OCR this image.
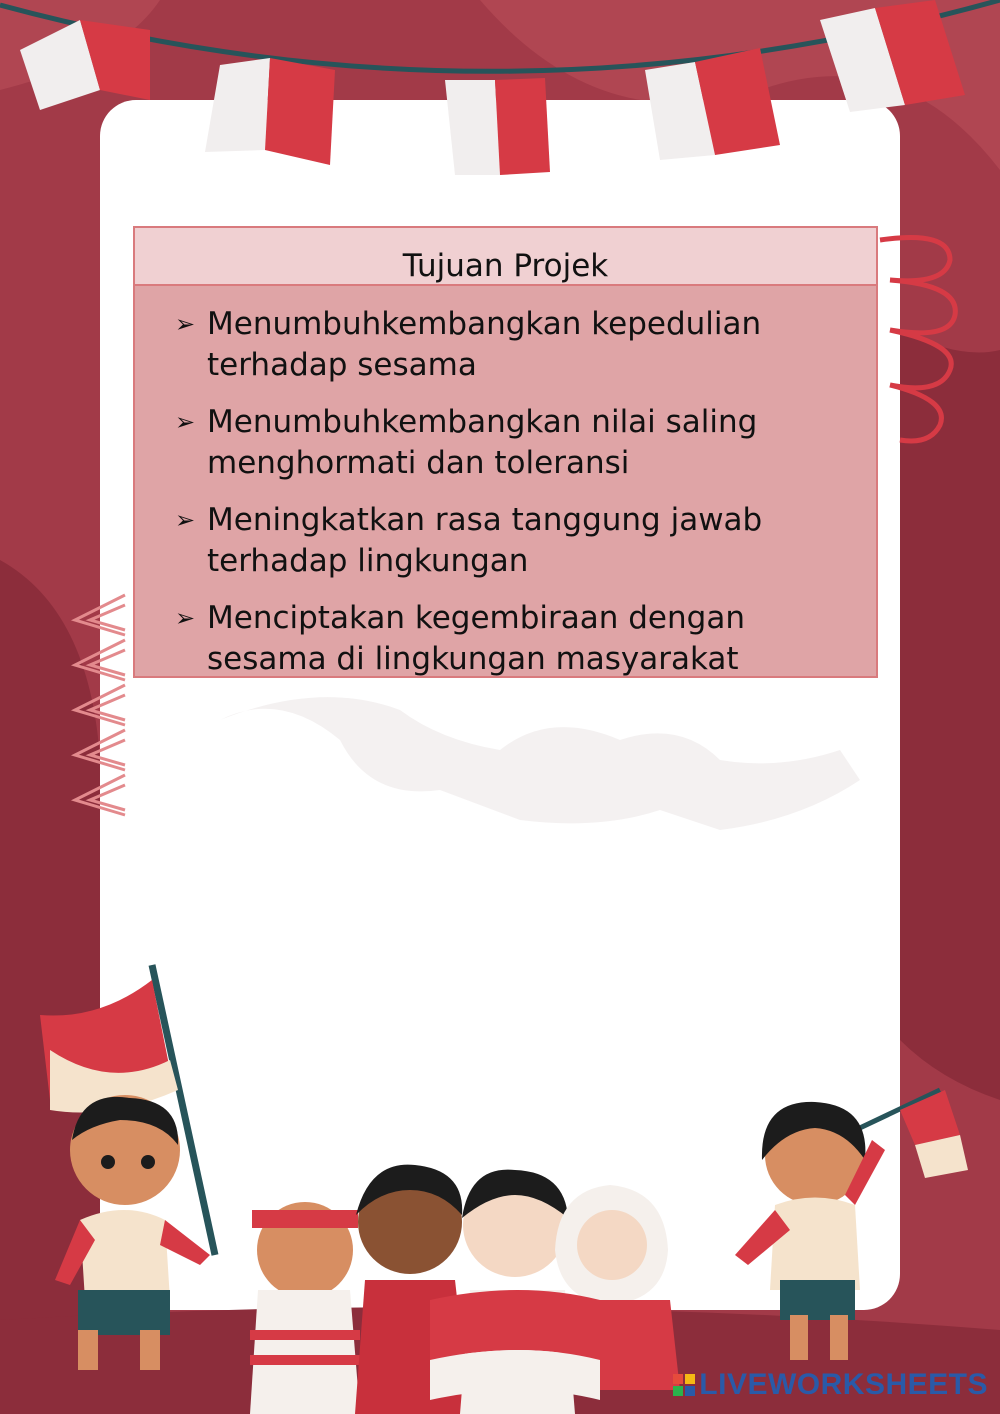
Tujuan Projek
➢ Menumbuhkembangkan kepedulian terhadap sesama
➢ Menumbuhkembangkan nilai saling menghormati dan toleransi
➢ Meningkatkan rasa tanggung jawab terhadap lingkungan
➢ Menciptakan kegembiraan dengan sesama di lingkungan masyarakat
LIVEWORKSHEETS
